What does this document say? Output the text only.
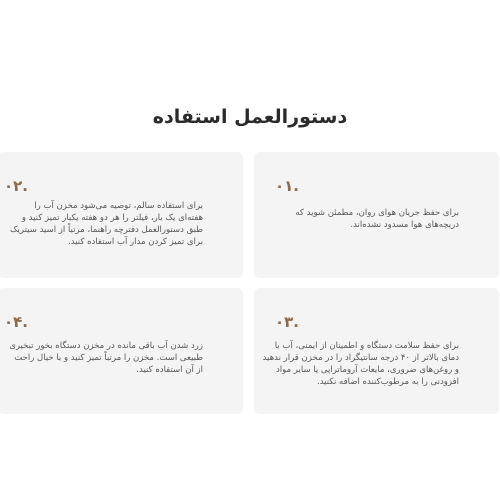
دستورالعمل استفاده
۰۱.
برای حفظ جریان هوای روان، مطمئن شوید که دریچه‌های هوا مسدود نشده‌اند.
۰۲.
برای استفاده سالم، توصیه می‌شود مخزن آب را هفته‌ای یک بار، فیلتر را هر دو هفته یکبار تمیز کنید و طبق دستورالعمل دفترچه راهنما، مرتباً از اسید سیتریک برای تمیز کردن مدار آب استفاده کنید.
۰۳.
برای حفظ سلامت دستگاه و اطمینان از ایمنی، آب با دمای بالاتر از ۴۰ درجه سانتیگراد را در مخزن قرار ندهید و روغن‌های ضروری، مایعات آروماتراپی یا سایر مواد افزودنی را به مرطوب‌کننده اضافه نکنید.
۰۴.
زرد شدن آب باقی مانده در مخزن دستگاه بخور تبخیری طبیعی است. مخزن را مرتباً تمیز کنید و با خیال راحت از آن استفاده کنید.
